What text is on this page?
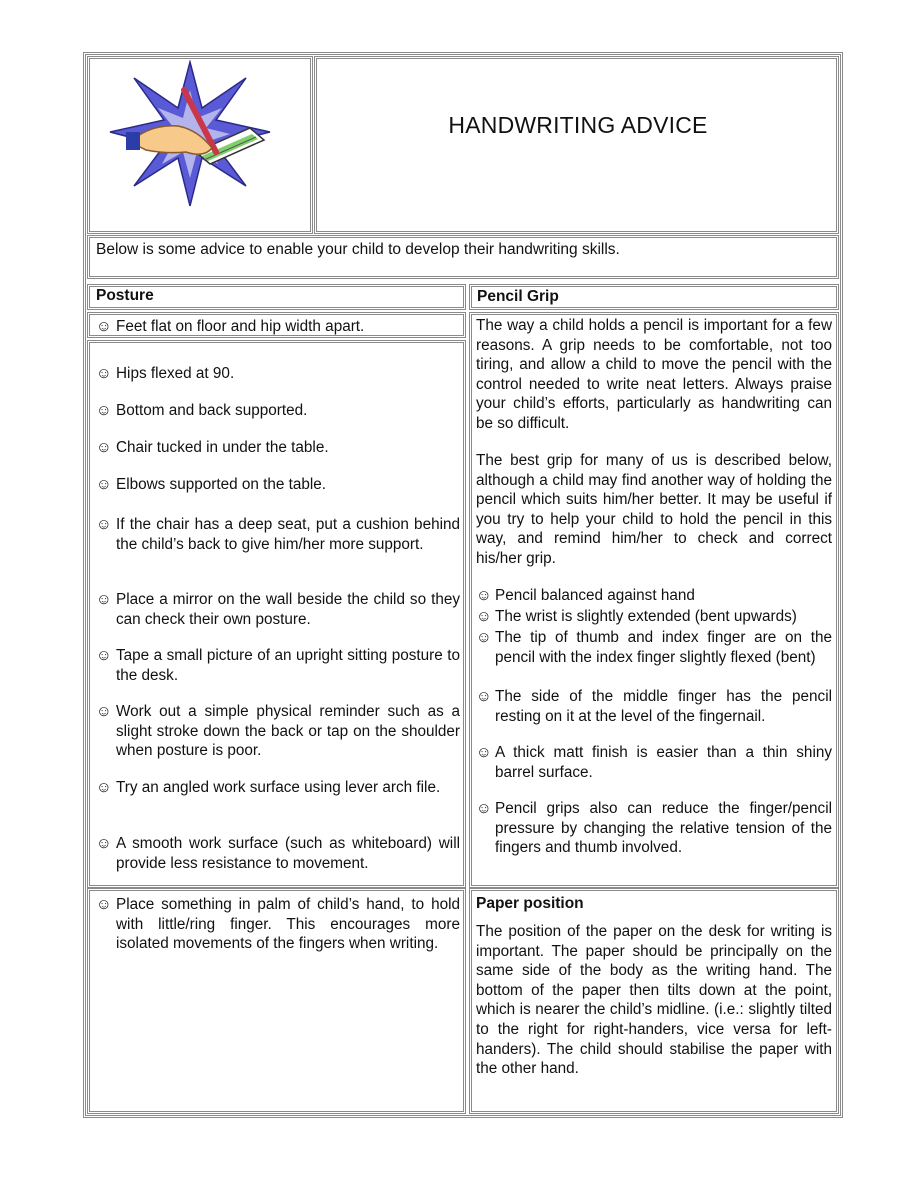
HANDWRITING ADVICE
Below is some advice to enable your child to develop their handwriting skills.
Posture
☺ Feet flat on floor and hip width apart.
☺ Hips flexed at 90.
☺ Bottom and back supported.
☺ Chair tucked in under the table.
☺ Elbows supported on the table.
☺ If the chair has a deep seat, put a cushion behind the child’s back to give him/her more support.
☺ Place a mirror on the wall beside the child so they can check their own posture.
☺ Tape a small picture of an upright sitting posture to the desk.
☺ Work out a simple physical reminder such as a slight stroke down the back or tap on the shoulder when posture is poor.
☺ Try an angled work surface using lever arch file.
☺ A smooth work surface (such as whiteboard) will provide less resistance to movement.
☺ Place something in palm of child’s hand, to hold with little/ring finger. This encourages more isolated movements of the fingers when writing.
Pencil Grip
The way a child holds a pencil is important for a few reasons. A grip needs to be comfortable, not too tiring, and allow a child to move the pencil with the control needed to write neat letters. Always praise your child’s efforts, particularly as handwriting can be so difficult.
The best grip for many of us is described below, although a child may find another way of holding the pencil which suits him/her better. It may be useful if you try to help your child to hold the pencil in this way, and remind him/her to check and correct his/her grip.
☺ Pencil balanced against hand
☺ The wrist is slightly extended (bent upwards)
☺ The tip of thumb and index finger are on the pencil with the index finger slightly flexed (bent)
☺ The side of the middle finger has the pencil resting on it at the level of the fingernail.
☺ A thick matt finish is easier than a thin shiny barrel surface.
☺ Pencil grips also can reduce the finger/pencil pressure by changing the relative tension of the fingers and thumb involved.
Paper position
The position of the paper on the desk for writing is important. The paper should be principally on the same side of the body as the writing hand. The bottom of the paper then tilts down at the point, which is nearer the child’s midline. (i.e.: slightly tilted to the right for right-handers, vice versa for left-handers). The child should stabilise the paper with the other hand.
